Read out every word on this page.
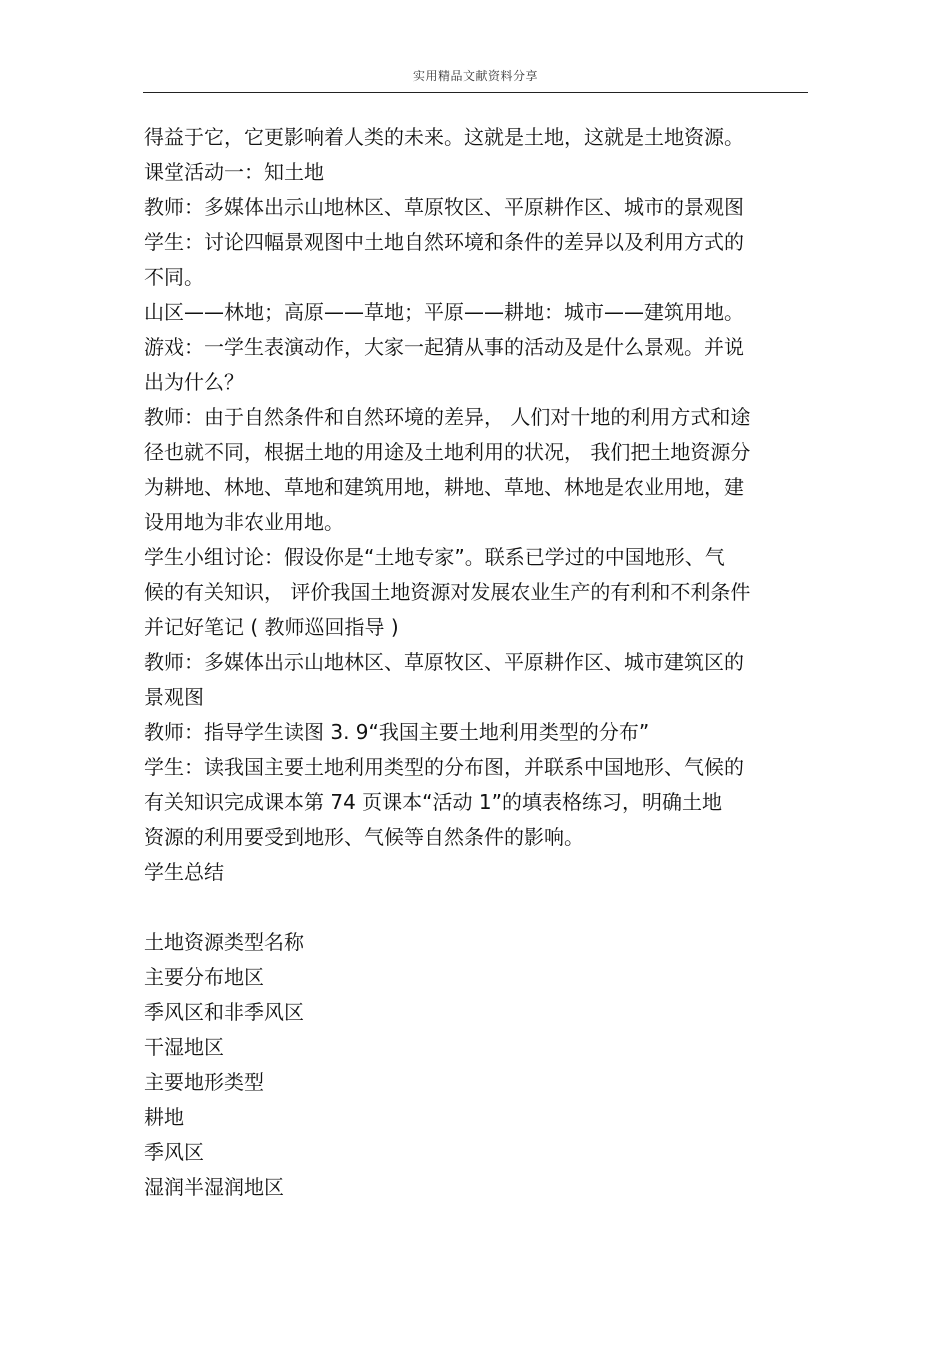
实用精品文献资料分享
得益于它，它更影响着人类的未来。这就是土地，这就是土地资源。
课堂活动一：知土地
教师：多媒体出示山地林区、草原牧区、平原耕作区、城市的景观图
学生：讨论四幅景观图中土地自然环境和条件的差异以及利用方式的
不同。
山区——林地；高原——草地；平原——耕地：城市——建筑用地。
游戏：一学生表演动作，大家一起猜从事的活动及是什么景观。并说
出为什么？
教师：由于自然条件和自然环境的差异， 人们对十地的利用方式和途
径也就不同，根据土地的用途及土地利用的状况， 我们把土地资源分
为耕地、林地、草地和建筑用地，耕地、草地、林地是农业用地，建
设用地为非农业用地。
学生小组讨论：假设你是“土地专家”。联系已学过的中国地形、气
候的有关知识， 评价我国土地资源对发展农业生产的有利和不利条件
并记好笔记 ( 教师巡回指导 )
教师：多媒体出示山地林区、草原牧区、平原耕作区、城市建筑区的
景观图
教师：指导学生读图 3. 9“我国主要土地利用类型的分布”
学生：读我国主要土地利用类型的分布图，并联系中国地形、气候的
有关知识完成课本第 74 页课本“活动 1”的填表格练习，明确土地
资源的利用要受到地形、气候等自然条件的影响。
学生总结
土地资源类型名称
主要分布地区
季风区和非季风区
干湿地区
主要地形类型
耕地
季风区
湿润半湿润地区
